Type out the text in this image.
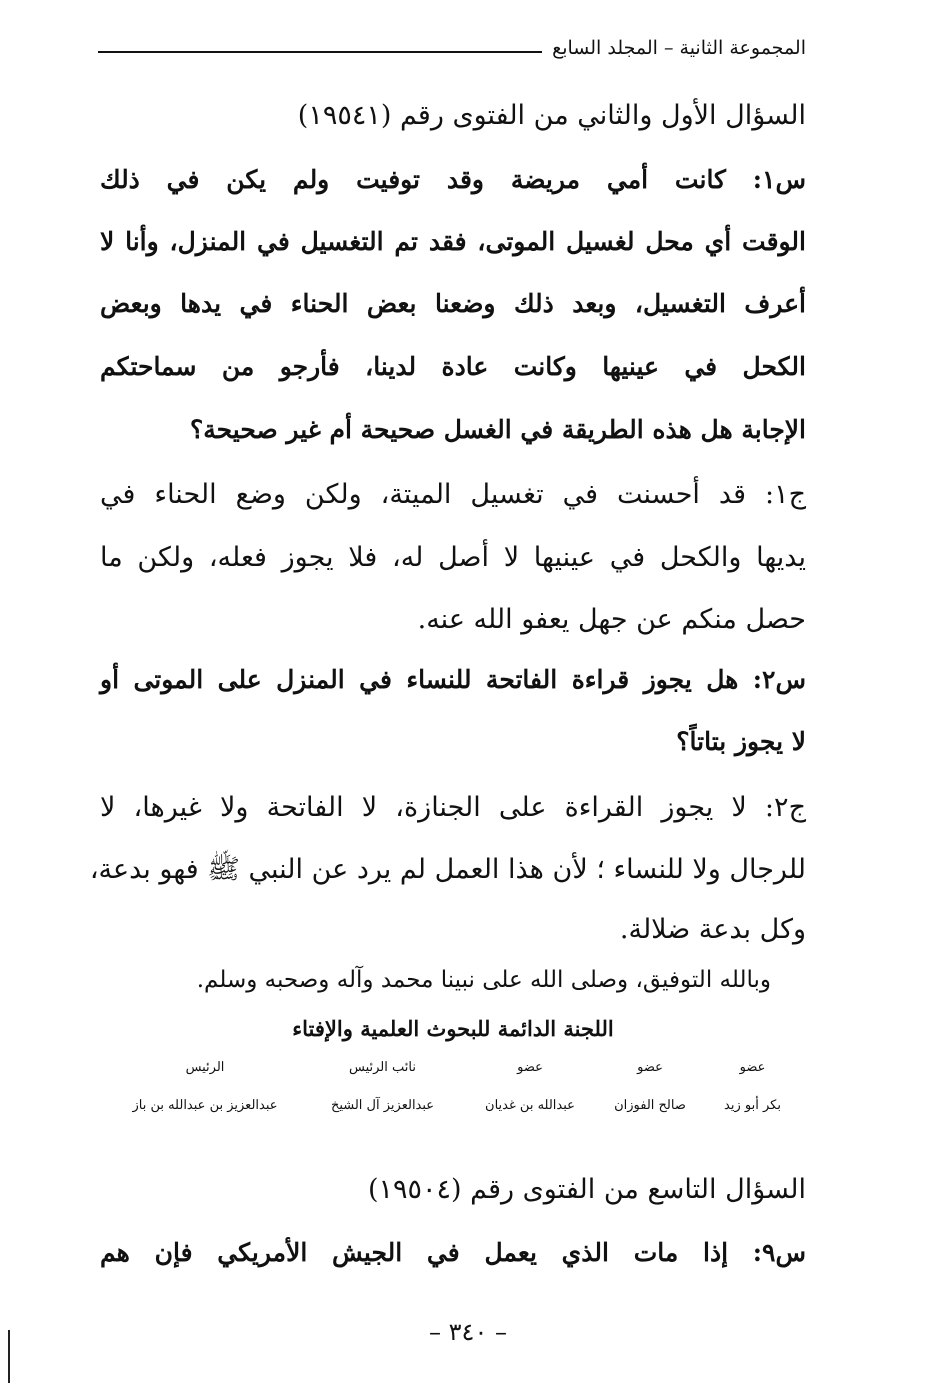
المجموعة الثانية – المجلد السابع
السؤال الأول والثاني من الفتوى رقم (١٩٥٤١)
س١: كانت أمي مريضة وقد توفيت ولم يكن في ذلك
الوقت أي محل لغسيل الموتى، فقد تم التغسيل في المنزل، وأنا لا
أعرف التغسيل، وبعد ذلك وضعنا بعض الحناء في يدها وبعض
الكحل في عينيها وكانت عادة لدينا، فأرجو من سماحتكم
الإجابة هل هذه الطريقة في الغسل صحيحة أم غير صحيحة؟
ج١: قد أحسنت في تغسيل الميتة، ولكن وضع الحناء في
يديها والكحل في عينيها لا أصل له، فلا يجوز فعله، ولكن ما
حصل منكم عن جهل يعفو الله عنه.
س٢: هل يجوز قراءة الفاتحة للنساء في المنزل على الموتى أو
لا يجوز بتاتاً؟
ج٢: لا يجوز القراءة على الجنازة، لا الفاتحة ولا غيرها، لا
للرجال ولا للنساء ؛ لأن هذا العمل لم يرد عن النبي ﷺ فهو بدعة،
وكل بدعة ضلالة.
وبالله التوفيق، وصلى الله على نبينا محمد وآله وصحبه وسلم.
اللجنة الدائمة للبحوث العلمية والإفتاء
عضو
عضو
عضو
نائب الرئيس
الرئيس
بكر أبو زيد
صالح الفوزان
عبدالله بن غديان
عبدالعزيز آل الشيخ
عبدالعزيز بن عبدالله بن باز
السؤال التاسع من الفتوى رقم (١٩٥٠٤)
س٩: إذا مات الذي يعمل في الجيش الأمريكي فإن هم
– ٣٤٠ –
